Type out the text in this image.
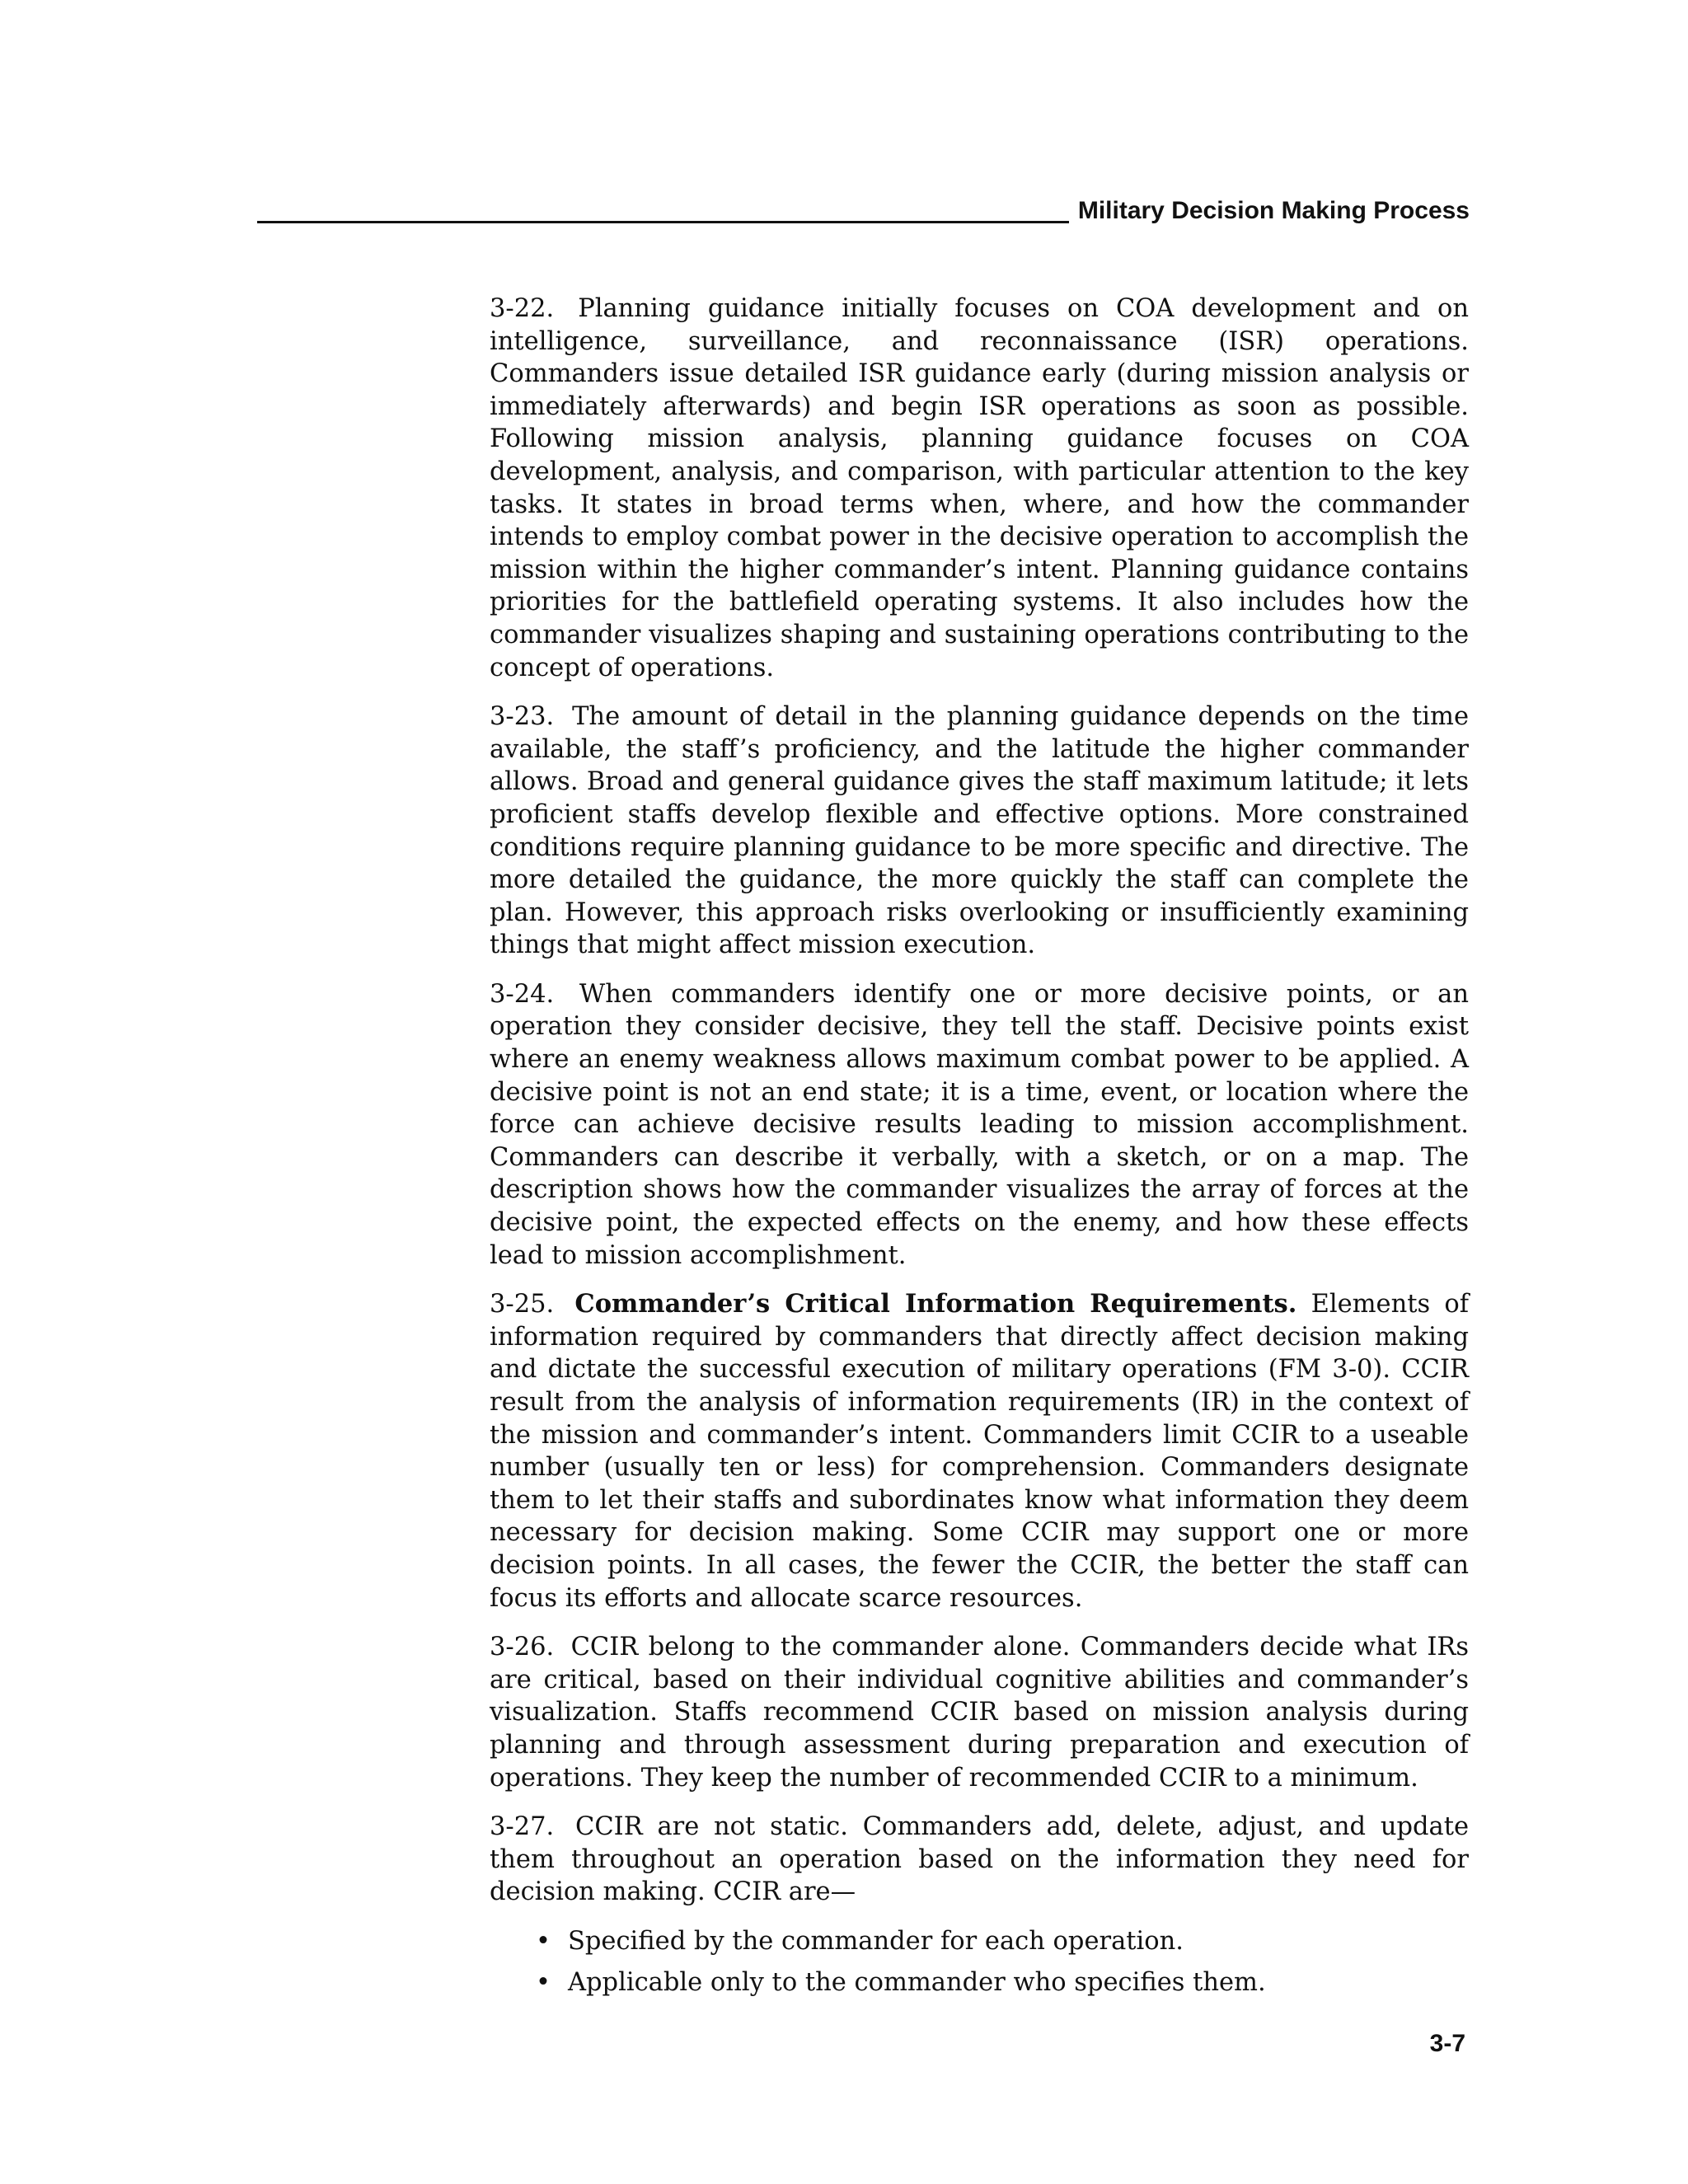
Military Decision Making Process

3-22. Planning guidance initially focuses on COA development and on intelligence, surveillance, and reconnaissance (ISR) operations. Commanders issue detailed ISR guidance early (during mission analysis or immediately afterwards) and begin ISR operations as soon as possible. Following mission analysis, planning guidance focuses on COA development, analysis, and comparison, with particular attention to the key tasks. It states in broad terms when, where, and how the commander intends to employ combat power in the decisive operation to accomplish the mission within the higher commander’s intent. Planning guidance contains priorities for the battlefield operating systems. It also includes how the commander visualizes shaping and sustaining operations contributing to the concept of operations.

3-23. The amount of detail in the planning guidance depends on the time available, the staff’s proficiency, and the latitude the higher commander allows. Broad and general guidance gives the staff maximum latitude; it lets proficient staffs develop flexible and effective options. More constrained conditions require planning guidance to be more specific and directive. The more detailed the guidance, the more quickly the staff can complete the plan. However, this approach risks overlooking or insufficiently examining things that might affect mission execution.

3-24. When commanders identify one or more decisive points, or an operation they consider decisive, they tell the staff. Decisive points exist where an enemy weakness allows maximum combat power to be applied. A decisive point is not an end state; it is a time, event, or location where the force can achieve decisive results leading to mission accomplishment. Commanders can describe it verbally, with a sketch, or on a map. The description shows how the commander visualizes the array of forces at the decisive point, the expected effects on the enemy, and how these effects lead to mission accomplishment.

3-25. Commander’s Critical Information Requirements. Elements of information required by commanders that directly affect decision making and dictate the successful execution of military operations (FM 3-0). CCIR result from the analysis of information requirements (IR) in the context of the mission and commander’s intent. Commanders limit CCIR to a useable number (usually ten or less) for comprehension. Commanders designate them to let their staffs and subordinates know what information they deem necessary for decision making. Some CCIR may support one or more decision points. In all cases, the fewer the CCIR, the better the staff can focus its efforts and allocate scarce resources.

3-26. CCIR belong to the commander alone. Commanders decide what IRs are critical, based on their individual cognitive abilities and commander’s visualization. Staffs recommend CCIR based on mission analysis during planning and through assessment during preparation and execution of operations. They keep the number of recommended CCIR to a minimum.

3-27. CCIR are not static. Commanders add, delete, adjust, and update them throughout an operation based on the information they need for decision making. CCIR are—

• Specified by the commander for each operation.
• Applicable only to the commander who specifies them.
3-7
